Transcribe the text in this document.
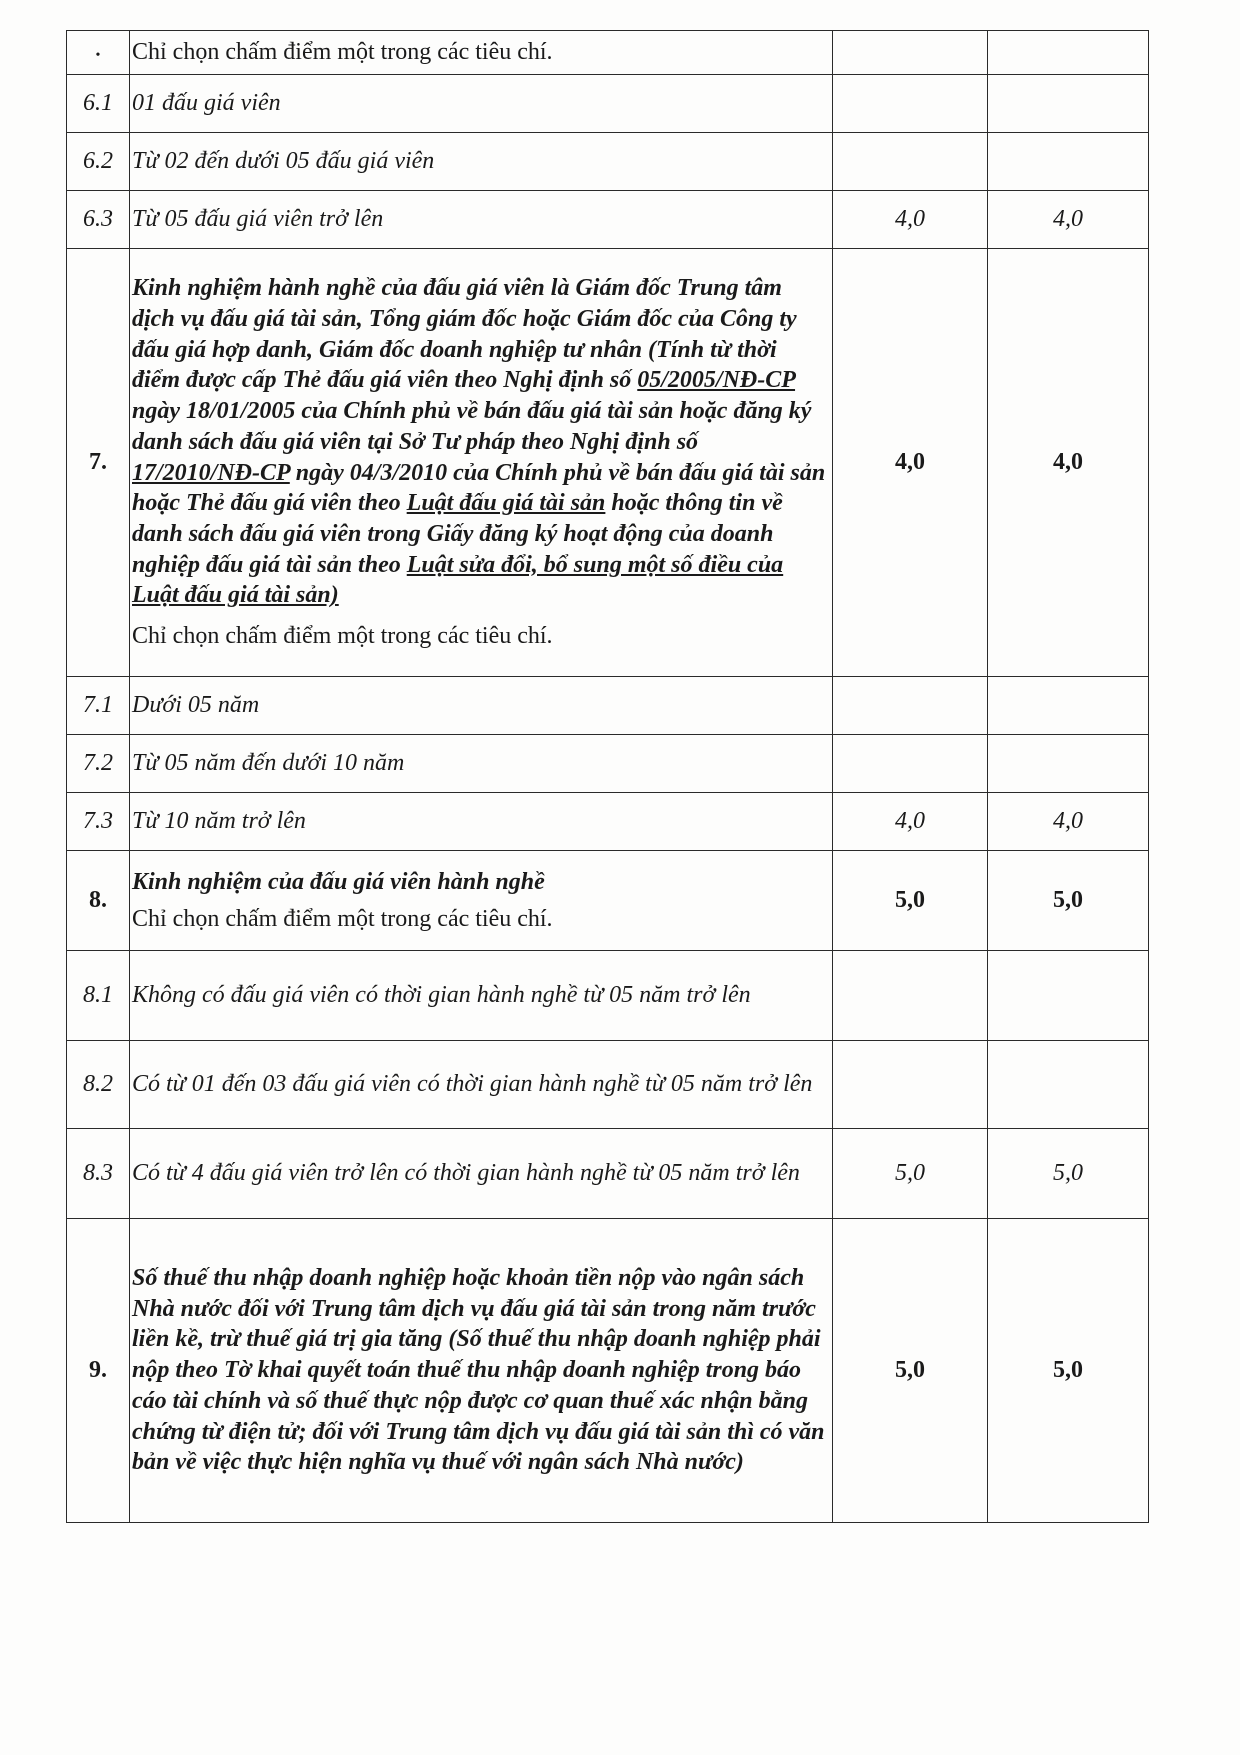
•	Chỉ chọn chấm điểm một trong các tiêu chí.		
6.1	01 đấu giá viên		
6.2	Từ 02 đến dưới 05 đấu giá viên		
6.3	Từ 05 đấu giá viên trở lên	4,0	4,0
7.	Kinh nghiệm hành nghề của đấu giá viên là Giám đốc Trung tâm dịch vụ đấu giá tài sản, Tổng giám đốc hoặc Giám đốc của Công ty đấu giá hợp danh, Giám đốc doanh nghiệp tư nhân (Tính từ thời điểm được cấp Thẻ đấu giá viên theo Nghị định số 05/2005/NĐ-CP ngày 18/01/2005 của Chính phủ về bán đấu giá tài sản hoặc đăng ký danh sách đấu giá viên tại Sở Tư pháp theo Nghị định số 17/2010/NĐ-CP ngày 04/3/2010 của Chính phủ về bán đấu giá tài sản hoặc Thẻ đấu giá viên theo Luật đấu giá tài sản hoặc thông tin về danh sách đấu giá viên trong Giấy đăng ký hoạt động của doanh nghiệp đấu giá tài sản theo Luật sửa đổi, bổ sung một số điều của Luật đấu giá tài sản)
Chỉ chọn chấm điểm một trong các tiêu chí.	4,0	4,0
7.1	Dưới 05 năm		
7.2	Từ 05 năm đến dưới 10 năm		
7.3	Từ 10 năm trở lên	4,0	4,0
8.	Kinh nghiệm của đấu giá viên hành nghề
Chỉ chọn chấm điểm một trong các tiêu chí.	5,0	5,0
8.1	Không có đấu giá viên có thời gian hành nghề từ 05 năm trở lên		
8.2	Có từ 01 đến 03 đấu giá viên có thời gian hành nghề từ 05 năm trở lên		
8.3	Có từ 4 đấu giá viên trở lên có thời gian hành nghề từ 05 năm trở lên	5,0	5,0
9.	Số thuế thu nhập doanh nghiệp hoặc khoản tiền nộp vào ngân sách Nhà nước đối với Trung tâm dịch vụ đấu giá tài sản trong năm trước liền kề, trừ thuế giá trị gia tăng (Số thuế thu nhập doanh nghiệp phải nộp theo Tờ khai quyết toán thuế thu nhập doanh nghiệp trong báo cáo tài chính và số thuế thực nộp được cơ quan thuế xác nhận bằng chứng từ điện tử; đối với Trung tâm dịch vụ đấu giá tài sản thì có văn bản về việc thực hiện nghĩa vụ thuế với ngân sách Nhà nước)	5,0	5,0
